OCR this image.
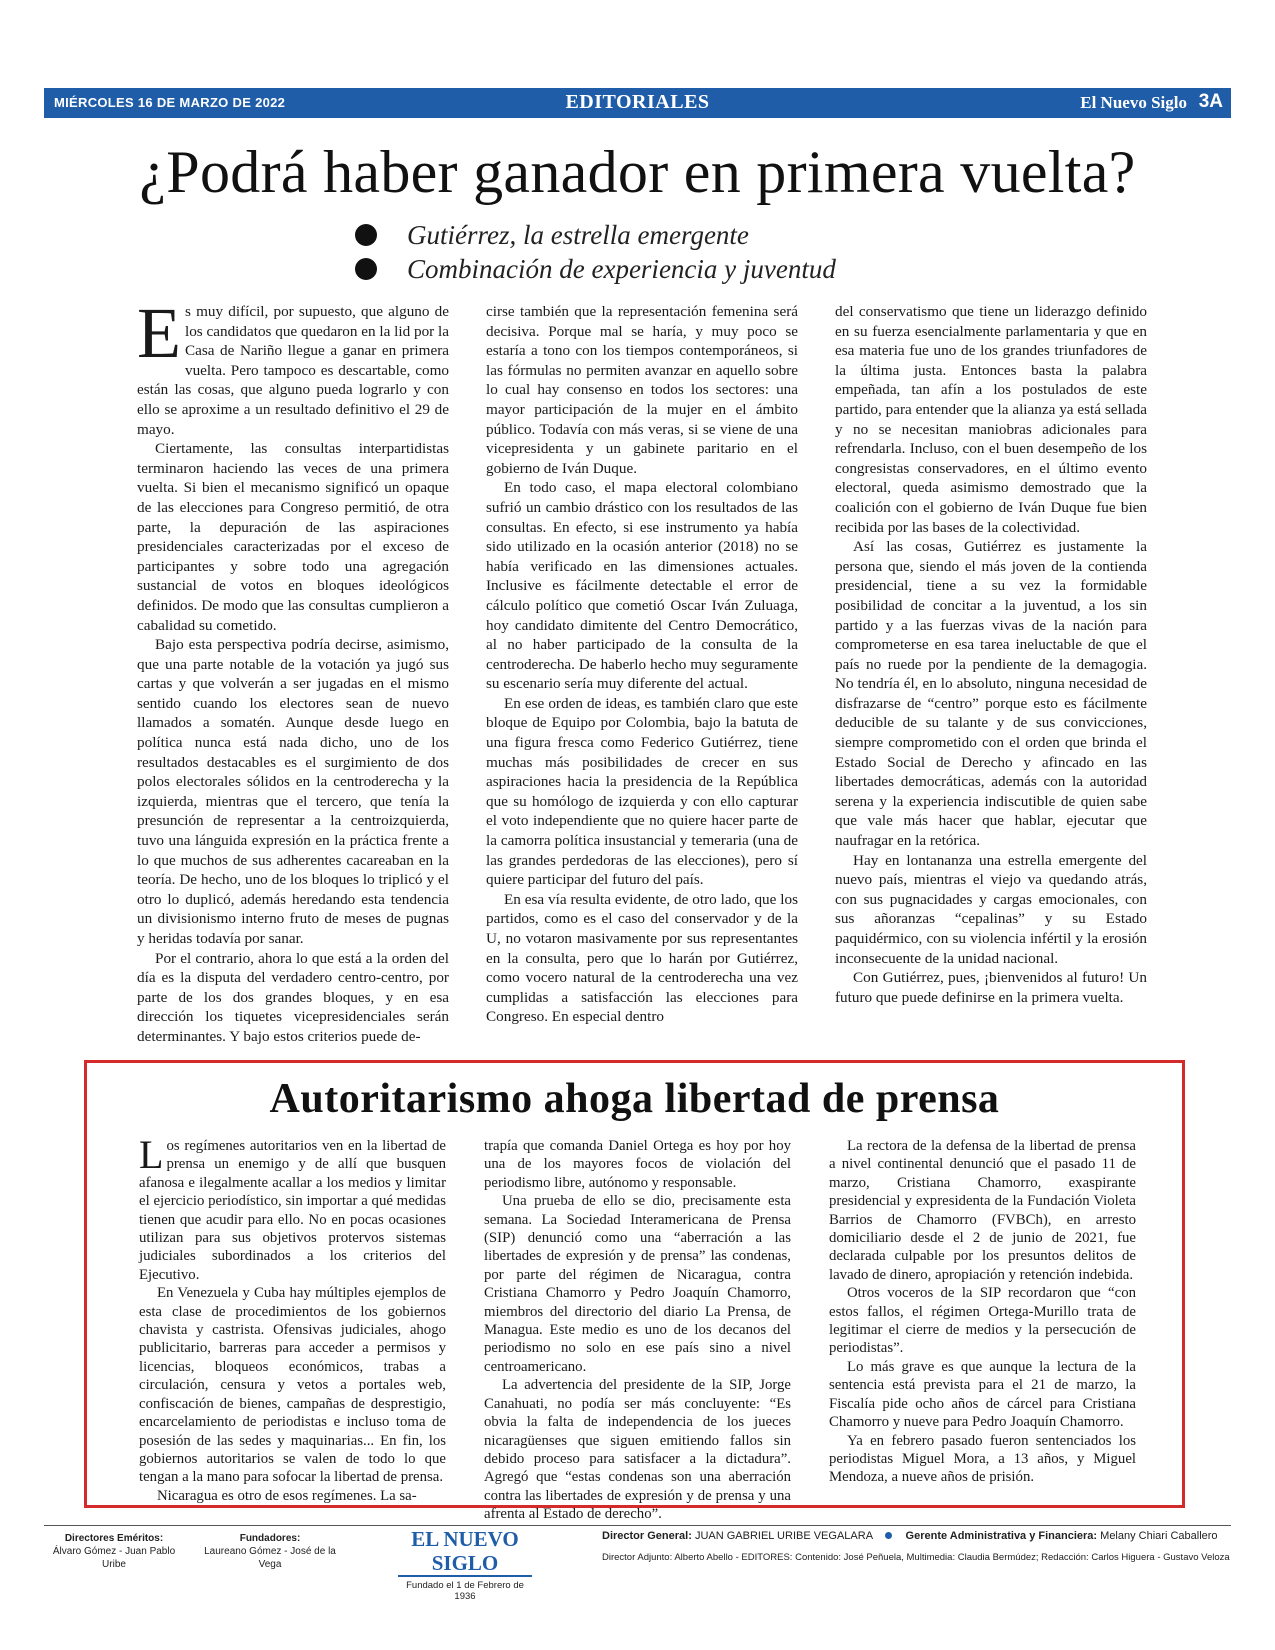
MIÉRCOLES 16 DE MARZO DE 2022	EDITORIALES	El Nuevo Siglo 3A
¿Podrá haber ganador en primera vuelta?
Gutiérrez, la estrella emergente
Combinación de experiencia y juventud

Es muy difícil, por supuesto, que alguno de los candidatos que quedaron en la lid por la Casa de Nariño llegue a ganar en primera vuelta. Pero tampoco es descartable, como están las cosas, que alguno pueda lograrlo y con ello se aproxime a un resultado definitivo el 29 de mayo.

Ciertamente, las consultas interpartidistas terminaron haciendo las veces de una primera vuelta. Si bien el mecanismo significó un opaque de las elecciones para Congreso permitió, de otra parte, la depuración de las aspiraciones presidenciales caracterizadas por el exceso de participantes y sobre todo una agregación sustancial de votos en bloques ideológicos definidos. De modo que las consultas cumplieron a cabalidad su cometido.

Bajo esta perspectiva podría decirse, asimismo, que una parte notable de la votación ya jugó sus cartas y que volverán a ser jugadas en el mismo sentido cuando los electores sean de nuevo llamados a somatén. Aunque desde luego en política nunca está nada dicho, uno de los resultados destacables es el surgimiento de dos polos electorales sólidos en la centroderecha y la izquierda, mientras que el tercero, que tenía la presunción de representar a la centroizquierda, tuvo una lánguida expresión en la práctica frente a lo que muchos de sus adherentes cacareaban en la teoría. De hecho, uno de los bloques lo triplicó y el otro lo duplicó, además heredando esta tendencia un divisionismo interno fruto de meses de pugnas y heridas todavía por sanar.

Por el contrario, ahora lo que está a la orden del día es la disputa del verdadero centro-centro, por parte de los dos grandes bloques, y en esa dirección los tiquetes vicepresidenciales serán determinantes. Y bajo estos criterios puede de-

cirse también que la representación femenina será decisiva. Porque mal se haría, y muy poco se estaría a tono con los tiempos contemporáneos, si las fórmulas no permiten avanzar en aquello sobre lo cual hay consenso en todos los sectores: una mayor participación de la mujer en el ámbito público. Todavía con más veras, si se viene de una vicepresidenta y un gabinete paritario en el gobierno de Iván Duque.

En todo caso, el mapa electoral colombiano sufrió un cambio drástico con los resultados de las consultas. En efecto, si ese instrumento ya había sido utilizado en la ocasión anterior (2018) no se había verificado en las dimensiones actuales. Inclusive es fácilmente detectable el error de cálculo político que cometió Oscar Iván Zuluaga, hoy candidato dimitente del Centro Democrático, al no haber participado de la consulta de la centroderecha. De haberlo hecho muy seguramente su escenario sería muy diferente del actual.

En ese orden de ideas, es también claro que este bloque de Equipo por Colombia, bajo la batuta de una figura fresca como Federico Gutiérrez, tiene muchas más posibilidades de crecer en sus aspiraciones hacia la presidencia de la República que su homólogo de izquierda y con ello capturar el voto independiente que no quiere hacer parte de la camorra política insustancial y temeraria (una de las grandes perdedoras de las elecciones), pero sí quiere participar del futuro del país.

En esa vía resulta evidente, de otro lado, que los partidos, como es el caso del conservador y de la U, no votaron masivamente por sus representantes en la consulta, pero que lo harán por Gutiérrez, como vocero natural de la centroderecha una vez cumplidas a satisfacción las elecciones para Congreso. En especial dentro

del conservatismo que tiene un liderazgo definido en su fuerza esencialmente parlamentaria y que en esa materia fue uno de los grandes triunfadores de la última justa. Entonces basta la palabra empeñada, tan afín a los postulados de este partido, para entender que la alianza ya está sellada y no se necesitan maniobras adicionales para refrendarla. Incluso, con el buen desempeño de los congresistas conservadores, en el último evento electoral, queda asimismo demostrado que la coalición con el gobierno de Iván Duque fue bien recibida por las bases de la colectividad.

Así las cosas, Gutiérrez es justamente la persona que, siendo el más joven de la contienda presidencial, tiene a su vez la formidable posibilidad de concitar a la juventud, a los sin partido y a las fuerzas vivas de la nación para comprometerse en esa tarea ineluctable de que el país no ruede por la pendiente de la demagogia. No tendría él, en lo absoluto, ninguna necesidad de disfrazarse de “centro” porque esto es fácilmente deducible de su talante y de sus convicciones, siempre comprometido con el orden que brinda el Estado Social de Derecho y afincado en las libertades democráticas, además con la autoridad serena y la experiencia indiscutible de quien sabe que vale más hacer que hablar, ejecutar que naufragar en la retórica.

Hay en lontananza una estrella emergente del nuevo país, mientras el viejo va quedando atrás, con sus pugnacidades y cargas emocionales, con sus añoranzas “cepalinas” y su Estado paquidérmico, con su violencia infértil y la erosión inconsecuente de la unidad nacional.

Con Gutiérrez, pues, ¡bienvenidos al futuro! Un futuro que puede definirse en la primera vuelta.

Autoritarismo ahoga libertad de prensa

Los regímenes autoritarios ven en la libertad de prensa un enemigo y de allí que busquen afanosa e ilegalmente acallar a los medios y limitar el ejercicio periodístico, sin importar a qué medidas tienen que acudir para ello. No en pocas ocasiones utilizan para sus objetivos protervos sistemas judiciales subordinados a los criterios del Ejecutivo.

En Venezuela y Cuba hay múltiples ejemplos de esta clase de procedimientos de los gobiernos chavista y castrista. Ofensivas judiciales, ahogo publicitario, barreras para acceder a permisos y licencias, bloqueos económicos, trabas a circulación, censura y vetos a portales web, confiscación de bienes, campañas de desprestigio, encarcelamiento de periodistas e incluso toma de posesión de las sedes y maquinarias... En fin, los gobiernos autoritarios se valen de todo lo que tengan a la mano para sofocar la libertad de prensa.

Nicaragua es otro de esos regímenes. La sa-

trapía que comanda Daniel Ortega es hoy por hoy una de los mayores focos de violación del periodismo libre, autónomo y responsable.

Una prueba de ello se dio, precisamente esta semana. La Sociedad Interamericana de Prensa (SIP) denunció como una “aberración a las libertades de expresión y de prensa” las condenas, por parte del régimen de Nicaragua, contra Cristiana Chamorro y Pedro Joaquín Chamorro, miembros del directorio del diario La Prensa, de Managua. Este medio es uno de los decanos del periodismo no solo en ese país sino a nivel centroamericano.

La advertencia del presidente de la SIP, Jorge Canahuati, no podía ser más concluyente: “Es obvia la falta de independencia de los jueces nicaragüenses que siguen emitiendo fallos sin debido proceso para satisfacer a la dictadura”. Agregó que “estas condenas son una aberración contra las libertades de expresión y de prensa y una afrenta al Estado de derecho”.

La rectora de la defensa de la libertad de prensa a nivel continental denunció que el pasado 11 de marzo, Cristiana Chamorro, exaspirante presidencial y expresidenta de la Fundación Violeta Barrios de Chamorro (FVBCh), en arresto domiciliario desde el 2 de junio de 2021, fue declarada culpable por los presuntos delitos de lavado de dinero, apropiación y retención indebida.

Otros voceros de la SIP recordaron que “con estos fallos, el régimen Ortega-Murillo trata de legitimar el cierre de medios y la persecución de periodistas”.

Lo más grave es que aunque la lectura de la sentencia está prevista para el 21 de marzo, la Fiscalía pide ocho años de cárcel para Cristiana Chamorro y nueve para Pedro Joaquín Chamorro.

Ya en febrero pasado fueron sentenciados los periodistas Miguel Mora, a 13 años, y Miguel Mendoza, a nueve años de prisión.

Directores Eméritos:
Álvaro Gómez - Juan Pablo Uribe
Fundadores:
Laureano Gómez - José de la Vega
EL NUEVO SIGLO
Fundado el 1 de Febrero de 1936
Director General: JUAN GABRIEL URIBE VEGALARA	Gerente Administrativa y Financiera: Melany Chiari Caballero
Director Adjunto: Alberto Abello - EDITORES: Contenido: José Peñuela, Multimedia: Claudia Bermúdez; Redacción: Carlos Higuera - Gustavo Veloza
